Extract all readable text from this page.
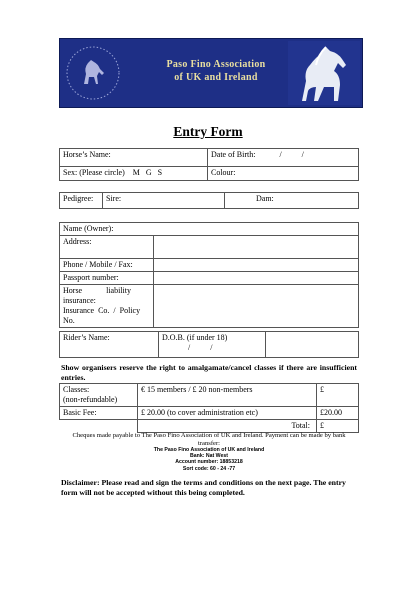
Paso Fino Association
of UK and Ireland
Entry Form
Horse’s Name:	Date of Birth: /          /
Sex: (Please circle) M   G   S	Colour:
Pedigree:	Sire:	Dam:
Name (Owner):	
Address:	
Phone / Mobile / Fax:	
Passport number:	

Horse            liability
insurance:
Insurance  Co.  /  Policy
No.	

Rider’s Name:	D.O.B. (if under 18)
/          /

Show organisers reserve the right to amalgamate/cancel classes if there are insufficient entries.
Classes:
(non-refundable)	€ 15 members / £ 20 non-members	£
Basic Fee:	£ 20.00 (to cover administration etc)	£20.00
	Total:	£
Cheques made payable to The Paso Fino Association of UK and Ireland. Payment can be made by bank transfer:
The Paso Fino Association of UK and Ireland
Bank: Nat West
Account number: 18853218
Sort code: 60 - 24 -77
Disclaimer: Please read and sign the terms and conditions on the next page. The entry form will not be accepted without this being completed.
